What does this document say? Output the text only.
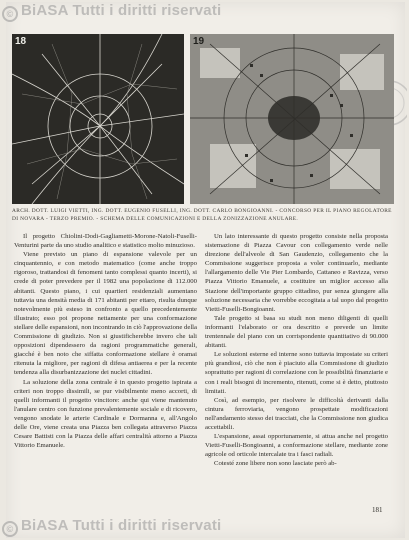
© BiASA Tutti i diritti riservati
18	19
ARCH. DOTT. LUIGI VIETTI, ING. DOTT. EUGENIO FUSELLI, ING. DOTT. CARLO BONGIOANNI. - CONCORSO PER IL PIANO REGOLATORE DI NOVARA - TERZO PREMIO. - SCHEMA DELLE COMUNICAZIONI E DELLA ZONIZZAZIONE ANULARE.

Il progetto Chiolini-Dodi-Gagliametti-Morone-Natoli-Fuselli-Venturini parte da uno studio analitico e statistico molto minuzioso.

Viene previsto un piano di espansione valevole per un cinquantennio, e con metodo matematico (come anche troppo rigoroso, trattandosi di fenomeni tanto complessi quanto incerti), si crede di poter prevedere per il 1982 una popolazione di 112.000 abitanti. Questo piano, i cui quartieri residenziali aumentano tuttavia una densità media di 171 abitanti per ettaro, risulta dunque notevolmente più esteso in confronto a quello precedentemente illustrato; esso poi propone nettamente per una conformazione stellare delle espansioni, non incontrando in ciò l'approvazione della Commissione di giudizio. Non si giustificherebbe invero che tali opposizioni dipendessero da ragioni programmatiche generali, giacché è ben noto che siffatta conformazione stellare è oramai ritenuta la migliore, per ragioni di difesa antiaerea e per la recente tendenza alla disurbanizzazione dei nuclei cittadini.

La soluzione della zona centrale è in questo progetto ispirata a criteri non troppo dissimili, se pur visibilmente meno accorti, di quelli informanti il progetto vincitore: anche qui viene mantenuto l'anulare centro con funzione prevalentemente sociale e di ricovero, vengono snodate le arterie Cardinale e Dormanna e, all'Angolo delle Ore, viene creata una Piazza ben collegata attraverso Piazza Cesare Battisti con la Piazza delle affari centralità attorno a Piazza Vittorio Emanuele.

Un lato interessante di questo progetto consiste nella proposta sistemazione di Piazza Cavour con collegamento verde nelle direzione dell'alveole di San Gaudenzio, collegamento che la Commissione suggerisce proposta a voler continuarlo, mediante l'allargamento delle Vie Pier Lombardo, Cattaneo e Ravizza, verso Piazza Vittorio Emanuele, a costituire un miglior accesso alla Stazione dell'importante gruppo cittadino, pur senza giungere alla soluzione necessaria che vorrebbe eccogitata a tal uopo dal progetto Vietti-Fuselli-Bongioanni.

Tale progetto si basa su studi non meno diligenti di quelli informanti l'elaborato or ora descritto e prevede un limite trentennale del piano con un corrispondente quantitativo di 90.000 abitanti.

Le soluzioni esterne ed interne sono tuttavia impostate su criteri più grandiosi, ciò che non è piaciuto alla Commissione di giudizio soprattutto per ragioni di correlazione con le possibilità finanziarie e con i reali bisogni di incremento, ritenuti, come si è detto, piuttosto limitati.

Così, ad esempio, per risolvere le difficoltà derivanti dalla cintura ferroviaria, vengono prospettate modificazioni nell'andamento stesso dei tracciati, che la Commissione non giudica accettabili.

L'espansione, assai opportunamente, si attua anche nel progetto Vietti-Fuselli-Bongioanni, a conformazione stellare, mediante zone agricole od orticole intercalate tra i fasci radiali.

Cotesté zone libere non sono lasciate però ab-

181
© BiASA Tutti i diritti riservati
